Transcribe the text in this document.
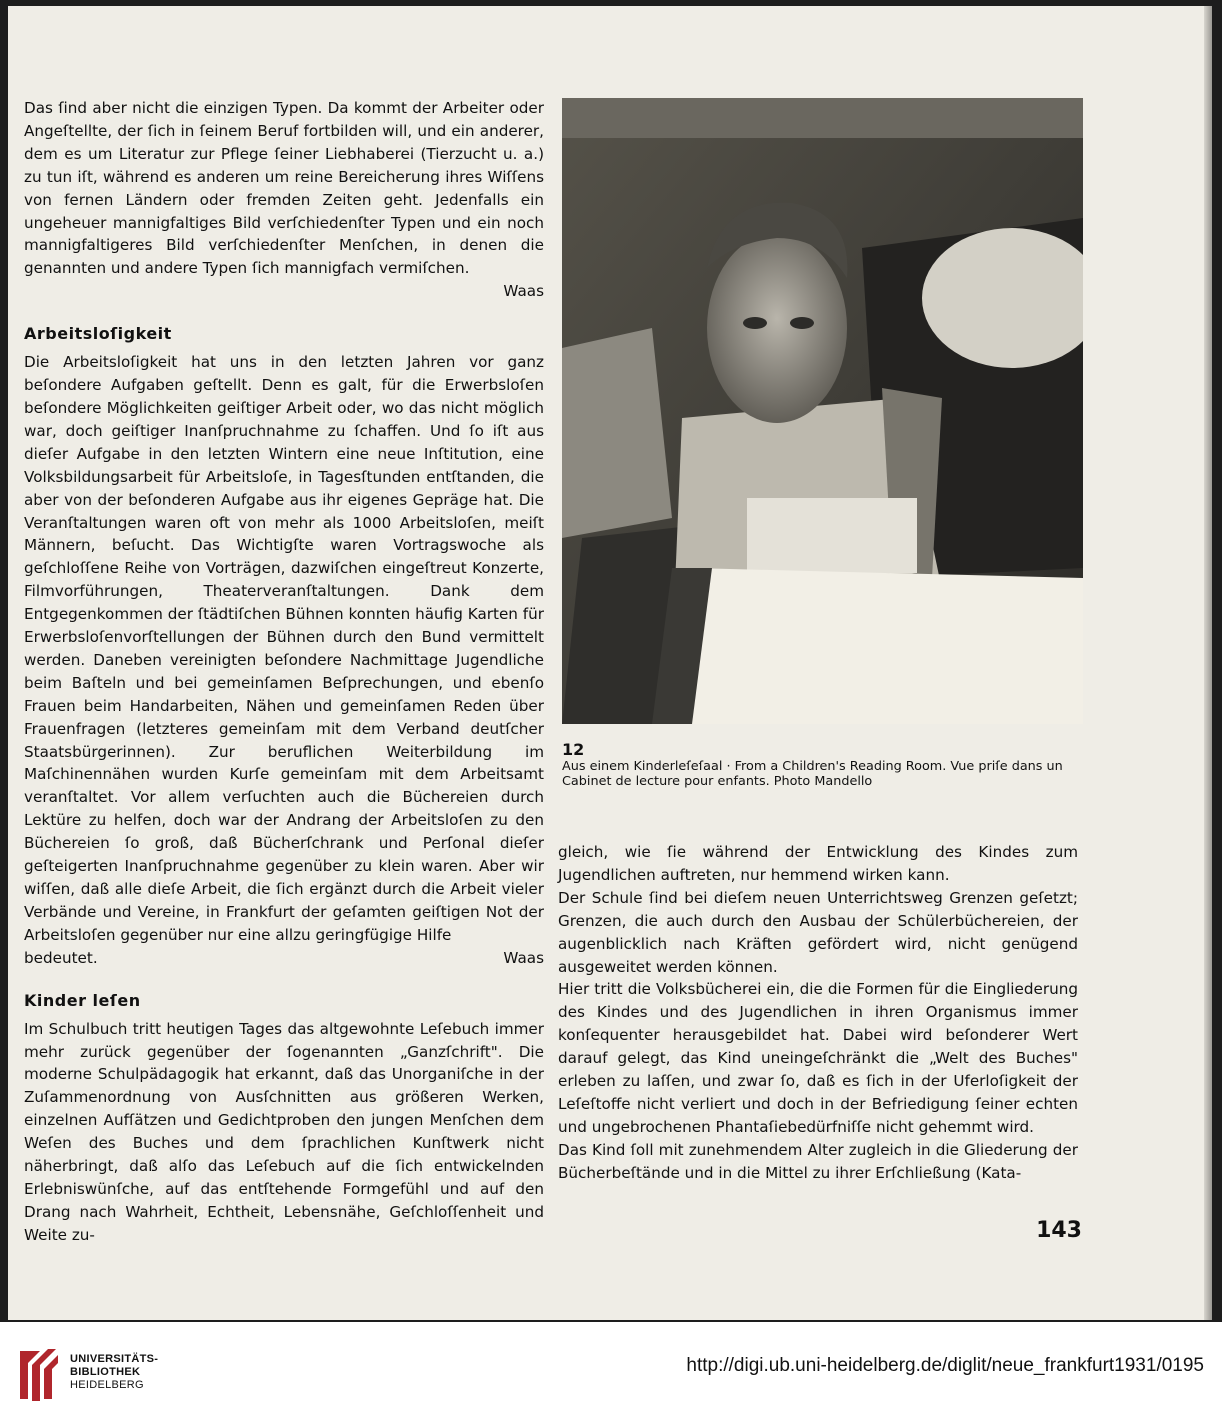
Das ſind aber nicht die einzigen Typen. Da kommt der Arbeiter oder Angeſtellte, der ſich in ſeinem Beruf fortbilden will, und ein anderer, dem es um Literatur zur Pflege ſeiner Liebhaberei (Tierzucht u. a.) zu tun iſt, während es anderen um reine Bereicherung ihres Wiſſens von fernen Ländern oder fremden Zeiten geht. Jedenfalls ein ungeheuer mannigfaltiges Bild verſchiedenſter Typen und ein noch mannigfaltigeres Bild verſchiedenſter Menſchen, in denen die genannten und andere Typen ſich mannigfach vermiſchen.

Waas

Arbeitsloſigkeit

Die Arbeitsloſigkeit hat uns in den letzten Jahren vor ganz beſondere Aufgaben geſtellt. Denn es galt, für die Erwerbsloſen beſondere Möglichkeiten geiſtiger Arbeit oder, wo das nicht möglich war, doch geiſtiger Inanſpruchnahme zu ſchaffen. Und ſo iſt aus dieſer Aufgabe in den letzten Wintern eine neue Inſtitution, eine Volksbildungsarbeit für Arbeitsloſe, in Tagesſtunden entſtanden, die aber von der beſonderen Aufgabe aus ihr eigenes Gepräge hat. Die Veranſtaltungen waren oft von mehr als 1000 Arbeitsloſen, meiſt Männern, beſucht. Das Wichtigſte waren Vortragswoche als geſchloſſene Reihe von Vorträgen, dazwiſchen eingeſtreut Konzerte, Filmvorführungen, Theaterveranſtaltungen. Dank dem Entgegenkommen der ſtädtiſchen Bühnen konnten häufig Karten für Erwerbsloſenvorſtellungen der Bühnen durch den Bund vermittelt werden. Daneben vereinigten beſondere Nachmittage Jugendliche beim Baſteln und bei gemeinſamen Beſprechungen, und ebenſo Frauen beim Handarbeiten, Nähen und gemeinſamen Reden über Frauenfragen (letzteres gemeinſam mit dem Verband deutſcher Staatsbürgerinnen). Zur beruflichen Weiterbildung im Maſchinennähen wurden Kurſe gemeinſam mit dem Arbeitsamt veranſtaltet. Vor allem verſuchten auch die Büchereien durch Lektüre zu helfen, doch war der Andrang der Arbeitsloſen zu den Büchereien ſo groß, daß Bücherſchrank und Perſonal dieſer geſteigerten Inanſpruchnahme gegenüber zu klein waren. Aber wir wiſſen, daß alle dieſe Arbeit, die ſich ergänzt durch die Arbeit vieler Verbände und Vereine, in Frankfurt der geſamten geiſtigen Not der Arbeitsloſen gegenüber nur eine allzu geringfügige Hilfe

bedeutet.	Waas
Kinder leſen

Im Schulbuch tritt heutigen Tages das altgewohnte Leſebuch immer mehr zurück gegenüber der ſogenannten „Ganzſchrift". Die moderne Schulpädagogik hat erkannt, daß das Unorganiſche in der Zuſammenordnung von Ausſchnitten aus größeren Werken, einzelnen Aufſätzen und Gedichtproben den jungen Menſchen dem Weſen des Buches und dem ſprachlichen Kunſtwerk nicht näherbringt, daß alſo das Leſebuch auf die ſich entwickelnden Erlebniswünſche, auf das entſtehende Formgefühl und auf den Drang nach Wahrheit, Echtheit, Lebensnähe, Geſchloſſenheit und Weite zu-

12
Aus einem Kinderleſeſaal · From a Children's Reading Room. Vue priſe dans un Cabinet de lecture pour enfants. Photo Mandello

gleich, wie ſie während der Entwicklung des Kindes zum Jugendlichen auftreten, nur hemmend wirken kann.

Der Schule ſind bei dieſem neuen Unterrichtsweg Grenzen geſetzt; Grenzen, die auch durch den Ausbau der Schülerbüchereien, der augenblicklich nach Kräften gefördert wird, nicht genügend ausgeweitet werden können.

Hier tritt die Volksbücherei ein, die die Formen für die Eingliederung des Kindes und des Jugendlichen in ihren Organismus immer konſequenter herausgebildet hat. Dabei wird beſonderer Wert darauf gelegt, das Kind uneingeſchränkt die „Welt des Buches" erleben zu laſſen, und zwar ſo, daß es ſich in der Uferloſigkeit der Leſeſtoffe nicht verliert und doch in der Befriedigung ſeiner echten und ungebrochenen Phantaſiebedürfniſſe nicht gehemmt wird.

Das Kind ſoll mit zunehmendem Alter zugleich in die Gliederung der Bücherbeſtände und in die Mittel zu ihrer Erſchließung (Kata-

143
UNIVERSITÄTS-
BIBLIOTHEK
HEIDELBERG
http://digi.ub.uni-heidelberg.de/diglit/neue_frankfurt1931/0195
